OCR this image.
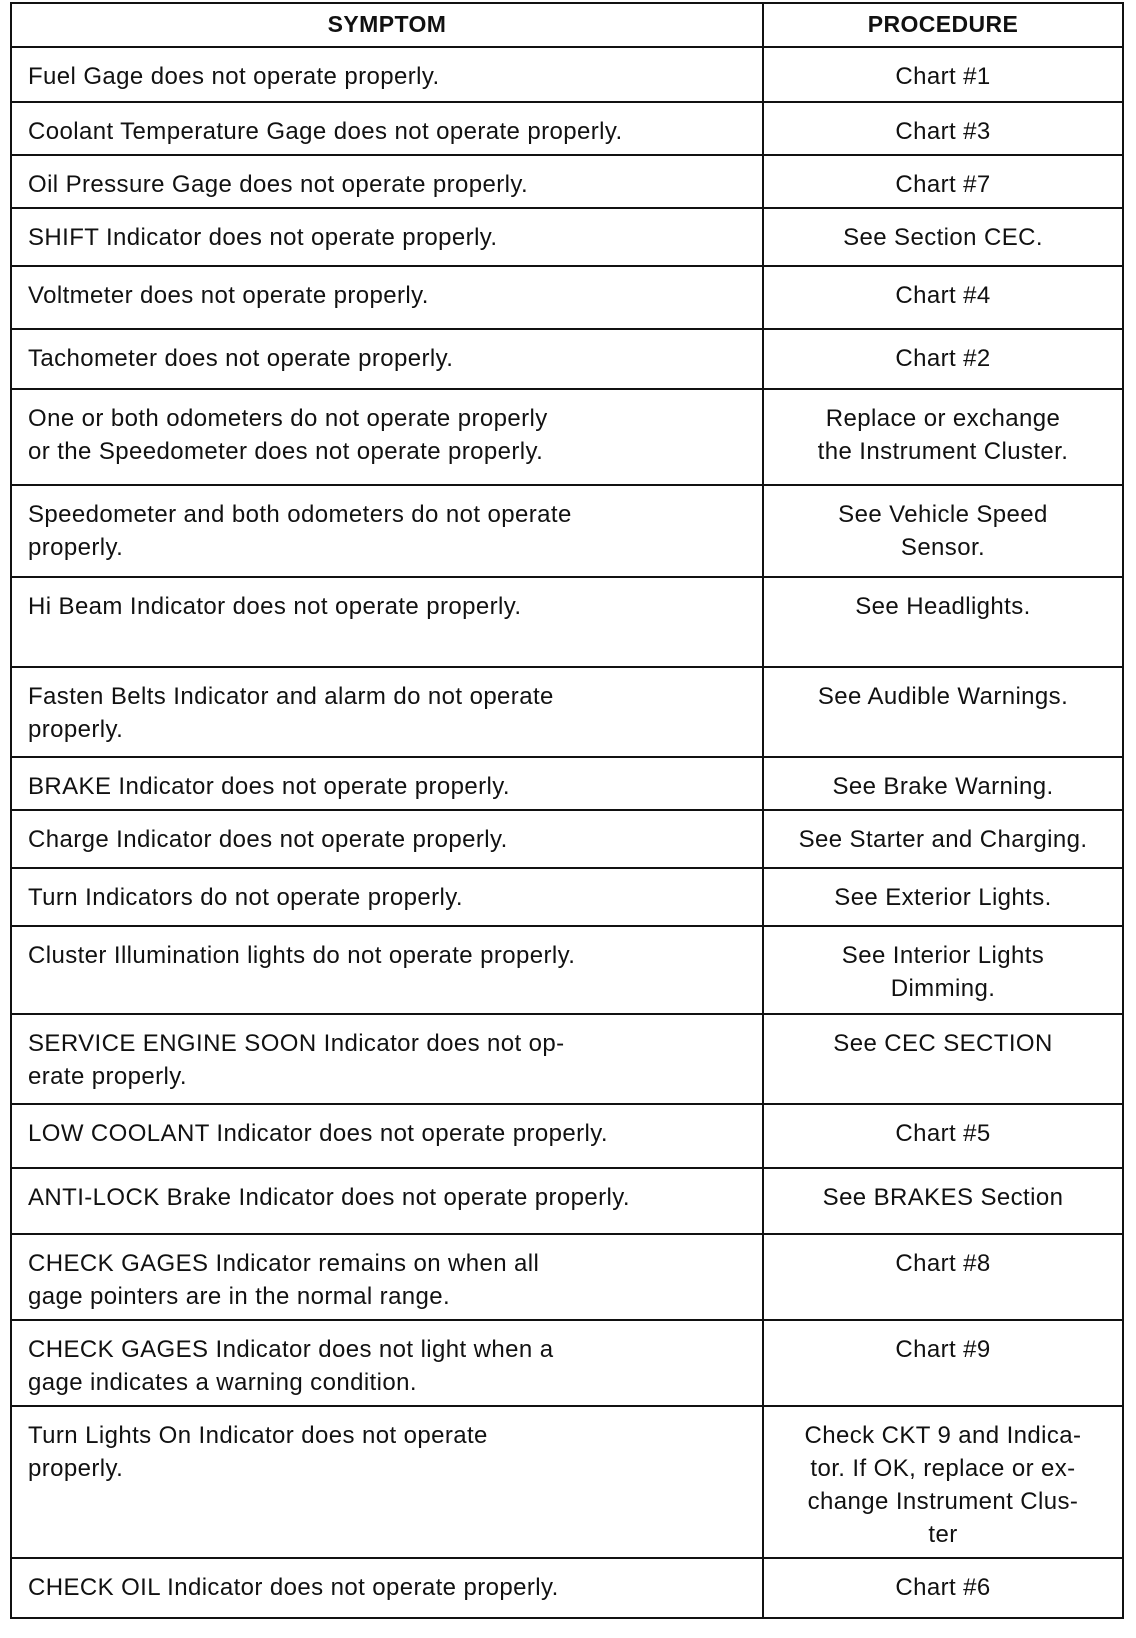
SYMPTOM	PROCEDURE
Fuel Gage does not operate properly.	Chart #1
Coolant Temperature Gage does not operate properly.	Chart #3
Oil Pressure Gage does not operate properly.	Chart #7
SHIFT Indicator does not operate properly.	See Section CEC.
Voltmeter does not operate properly.	Chart #4
Tachometer does not operate properly.	Chart #2
One or both odometers do not operate properly
or the Speedometer does not operate properly.	Replace or exchange
the Instrument Cluster.
Speedometer and both odometers do not operate
properly.	See Vehicle Speed
Sensor.
Hi Beam Indicator does not operate properly.	See Headlights.
Fasten Belts Indicator and alarm do not operate
properly.	See Audible Warnings.
BRAKE Indicator does not operate properly.	See Brake Warning.
Charge Indicator does not operate properly.	See Starter and Charging.
Turn Indicators do not operate properly.	See Exterior Lights.
Cluster Illumination lights do not operate properly.	See Interior Lights
Dimming.
SERVICE ENGINE SOON Indicator does not op-
erate properly.	See CEC SECTION
LOW COOLANT Indicator does not operate properly.	Chart #5
ANTI-LOCK Brake Indicator does not operate properly.	See BRAKES Section
CHECK GAGES Indicator remains on when all
gage pointers are in the normal range.	Chart #8
CHECK GAGES Indicator does not light when a
gage indicates a warning condition.	Chart #9
Turn Lights On Indicator does not operate
properly.	Check CKT 9 and Indica-
tor. If OK, replace or ex-
change Instrument Clus-
ter
CHECK OIL Indicator does not operate properly.	Chart #6
